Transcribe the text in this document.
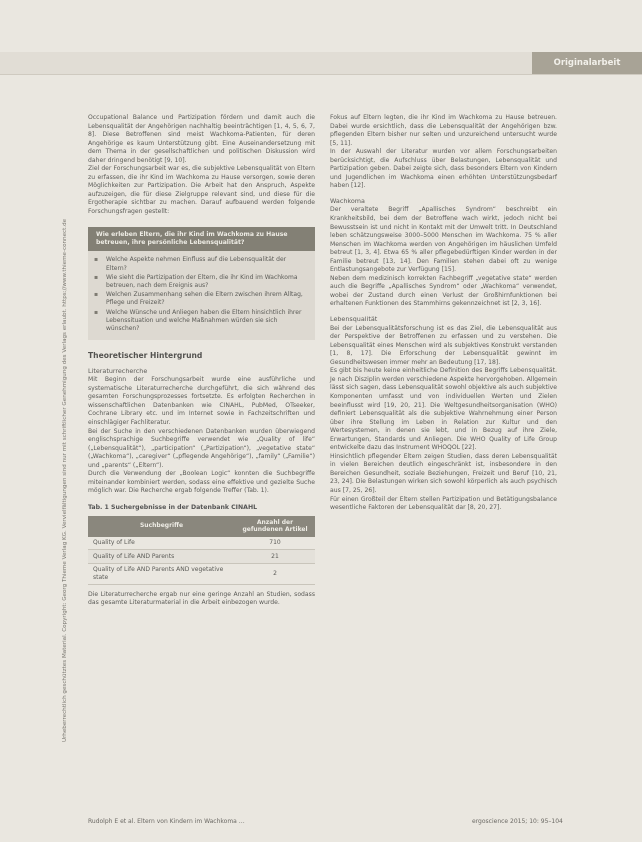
Originalarbeit
Urheberrechtlich geschütztes Material. Copyright: Georg Thieme Verlag KG. Vervielfältigungen sind nur mit schriftlicher Genehmigung des Verlags erlaubt. https://www.thieme-connect.de

Occupational Balance und Partizipation fördern und damit auch die Lebensqualität der Angehörigen nachhaltig beeinträchtigen [1, 4, 5, 6, 7, 8]. Diese Betroffenen sind meist Wachkoma-Patienten, für deren Angehörige es kaum Unterstützung gibt. Eine Auseinandersetzung mit dem Thema in der gesellschaftlichen und politischen Diskussion wird daher dringend benötigt [9, 10].

Ziel der Forschungsarbeit war es, die subjektive Lebensqualität von Eltern zu erfassen, die ihr Kind im Wachkoma zu Hause versorgen, sowie deren Möglichkeiten zur Partizipation. Die Arbeit hat den Anspruch, Aspekte aufzuzeigen, die für diese Zielgruppe relevant sind, und diese für die Ergotherapie sichtbar zu machen. Darauf aufbauend werden folgende Forschungsfragen gestellt:

Wie erleben Eltern, die ihr Kind im Wachkoma zu Hause betreuen, ihre persönliche Lebensqualität?
▪ Welche Aspekte nehmen Einfluss auf die Lebensqualität der Eltern?
▪ Wie sieht die Partizipation der Eltern, die ihr Kind im Wachkoma betreuen, nach dem Ereignis aus?
▪ Welchen Zusammenhang sehen die Eltern zwischen ihrem Alltag, Pflege und Freizeit?
▪ Welche Wünsche und Anliegen haben die Eltern hinsichtlich ihrer Lebenssituation und welche Maßnahmen würden sie sich wünschen?
Theoretischer Hintergrund
Literaturrecherche

Mit Beginn der Forschungsarbeit wurde eine ausführliche und systematische Literaturrecherche durchgeführt, die sich während des gesamten Forschungsprozesses fortsetzte. Es erfolgten Recherchen in wissenschaftlichen Datenbanken wie CINAHL, PubMed, OTseeker, Cochrane Library etc. und im Internet sowie in Fachzeitschriften und einschlägiger Fachliteratur.

Bei der Suche in den verschiedenen Datenbanken wurden überwiegend englischsprachige Suchbegriffe verwendet wie „Quality of life“ („Lebensqualität“), „participation“ („Partizipation“), „vegetative state“ („Wachkoma“), „caregiver“ („pflegende Angehörige“), „family“ („Familie“) und „parents“ („Eltern“).

Durch die Verwendung der „Boolean Logic“ konnten die Suchbegriffe miteinander kombiniert werden, sodass eine effektive und gezielte Suche möglich war. Die Recherche ergab folgende Treffer (Tab. 1).

Tab. 1 Suchergebnisse in der Datenbank CINAHL
Suchbegriffe	Anzahl der gefundenen Artikel
Quality of Life	710
Quality of Life AND Parents	21
Quality of Life AND Parents AND vegetative state	2

Die Literaturrecherche ergab nur eine geringe Anzahl an Studien, sodass das gesamte Literaturmaterial in die Arbeit einbezogen wurde.

Fokus auf Eltern legten, die ihr Kind im Wachkoma zu Hause betreuen. Dabei wurde ersichtlich, dass die Lebensqualität der Angehörigen bzw. pflegenden Eltern bisher nur selten und unzureichend untersucht wurde [5, 11].

In der Auswahl der Literatur wurden vor allem Forschungsarbeiten berücksichtigt, die Aufschluss über Belastungen, Lebensqualität und Partizipation geben. Dabei zeigte sich, dass besonders Eltern von Kindern und Jugendlichen im Wachkoma einen erhöhten Unterstützungsbedarf haben [12].

Wachkoma

Der veraltete Begriff „Apallisches Syndrom“ beschreibt ein Krankheitsbild, bei dem der Betroffene wach wirkt, jedoch nicht bei Bewusstsein ist und nicht in Kontakt mit der Umwelt tritt. In Deutschland leben schätzungsweise 3000–5000 Menschen im Wachkoma. 75 % aller Menschen im Wachkoma werden von Angehörigen im häuslichen Umfeld betreut [1, 3, 4]. Etwa 65 % aller pflegebedürftigen Kinder werden in der Familie betreut [13, 14]. Den Familien stehen dabei oft zu wenige Entlastungsangebote zur Verfügung [15].

Neben dem medizinisch korrekten Fachbegriff „vegetative state“ werden auch die Begriffe „Apallisches Syndrom“ oder „Wachkoma“ verwendet, wobei der Zustand durch einen Verlust der Großhirnfunktionen bei erhaltenen Funktionen des Stammhirns gekennzeichnet ist [2, 3, 16].

Lebensqualität

Bei der Lebensqualitätsforschung ist es das Ziel, die Lebensqualität aus der Perspektive der Betroffenen zu erfassen und zu verstehen. Die Lebensqualität eines Menschen wird als subjektives Konstrukt verstanden [1, 8, 17]. Die Erforschung der Lebensqualität gewinnt im Gesundheitswesen immer mehr an Bedeutung [17, 18].

Es gibt bis heute keine einheitliche Definition des Begriffs Lebensqualität. Je nach Disziplin werden verschiedene Aspekte hervorgehoben. Allgemein lässt sich sagen, dass Lebensqualität sowohl objektive als auch subjektive Komponenten umfasst und von individuellen Werten und Zielen beeinflusst wird [19, 20, 21]. Die Weltgesundheitsorganisation (WHO) definiert Lebensqualität als die subjektive Wahrnehmung einer Person über ihre Stellung im Leben in Relation zur Kultur und den Wertesystemen, in denen sie lebt, und in Bezug auf ihre Ziele, Erwartungen, Standards und Anliegen. Die WHO Quality of Life Group entwickelte dazu das Instrument WHOQOL [22].

Hinsichtlich pflegender Eltern zeigen Studien, dass deren Lebensqualität in vielen Bereichen deutlich eingeschränkt ist, insbesondere in den Bereichen Gesundheit, soziale Beziehungen, Freizeit und Beruf [10, 21, 23, 24]. Die Belastungen wirken sich sowohl körperlich als auch psychisch aus [7, 25, 26].

Für einen Großteil der Eltern stellen Partizipation und Betätigungsbalance wesentliche Faktoren der Lebensqualität dar [8, 20, 27].

Rudolph E et al. Eltern von Kindern im Wachkoma …	ergoscience 2015; 10: 95–104
